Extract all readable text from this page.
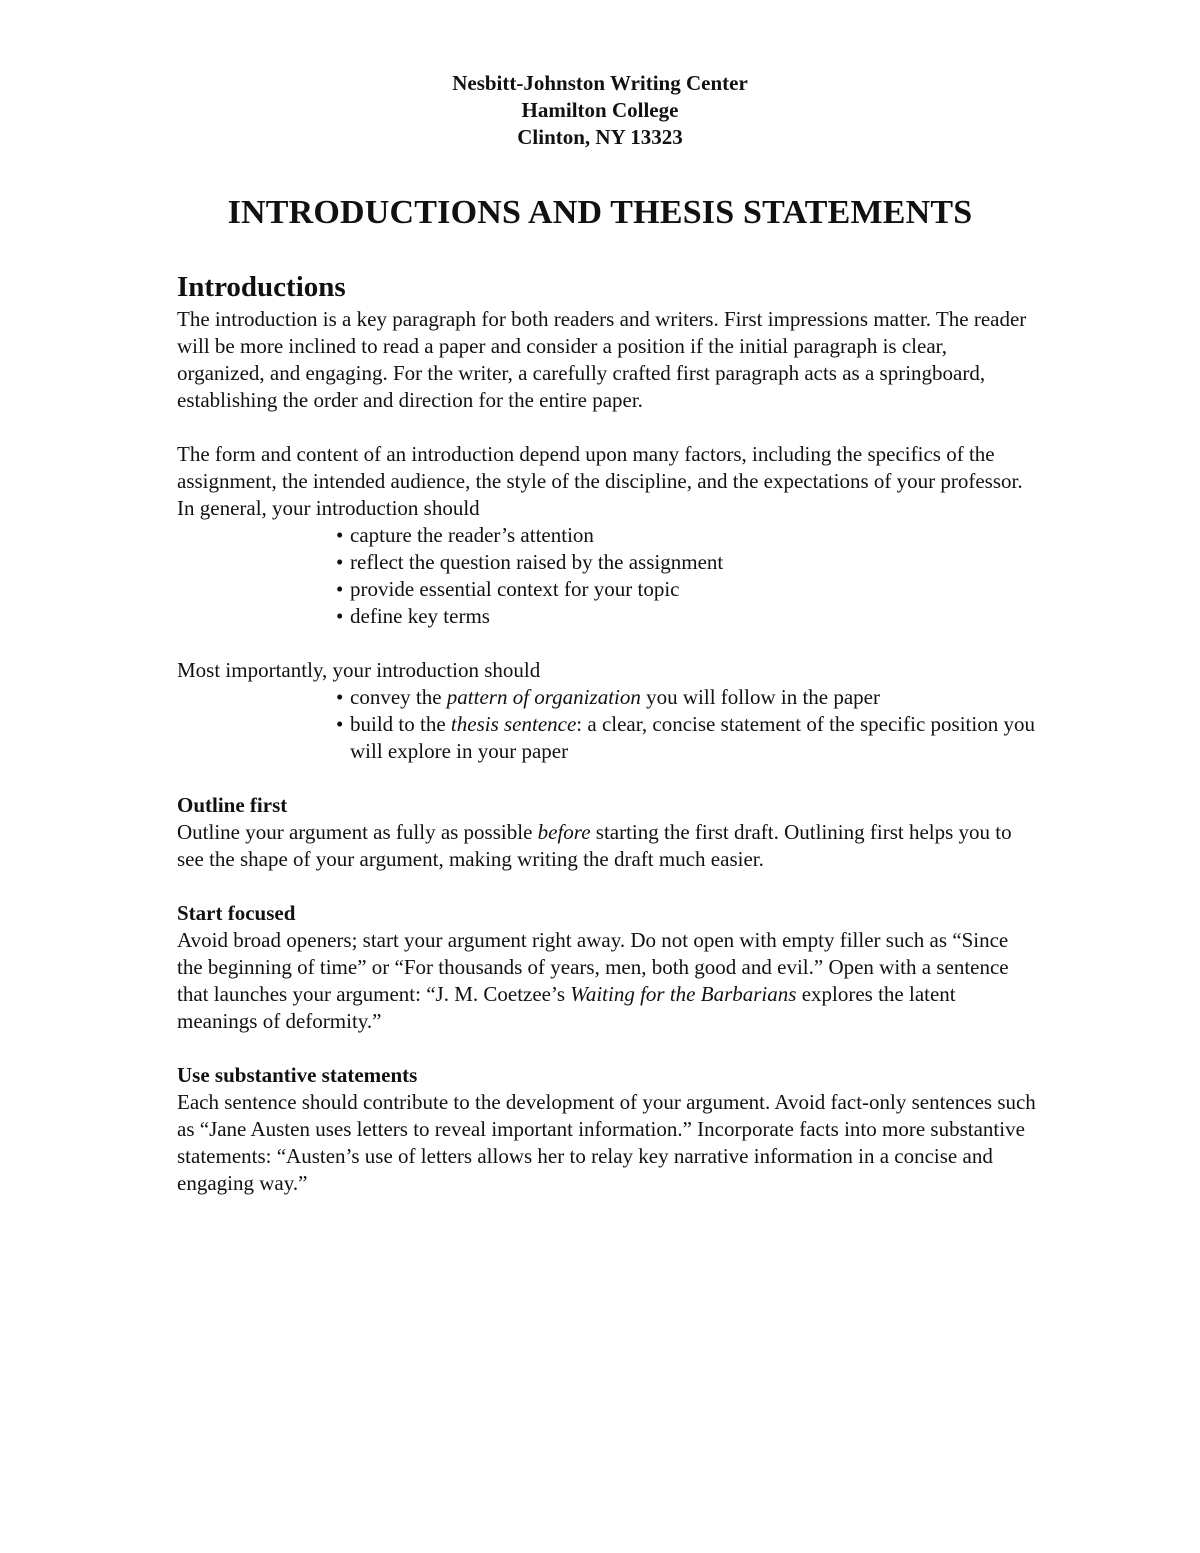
Nesbitt-Johnston Writing Center
Hamilton College
Clinton, NY 13323
INTRODUCTIONS AND THESIS STATEMENTS
Introductions

The introduction is a key paragraph for both readers and writers. First impressions matter. The reader will be more inclined to read a paper and consider a position if the initial paragraph is clear, organized, and engaging. For the writer, a carefully crafted first paragraph acts as a springboard, establishing the order and direction for the entire paper.

The form and content of an introduction depend upon many factors, including the specifics of the assignment, the intended audience, the style of the discipline, and the expectations of your professor. In general, your introduction should

• capture the reader’s attention
• reflect the question raised by the assignment
• provide essential context for your topic
• define key terms

Most importantly, your introduction should

• convey the pattern of organization you will follow in the paper
• build to the thesis sentence: a clear, concise statement of the specific position you will explore in your paper

Outline first

Outline your argument as fully as possible before starting the first draft. Outlining first helps you to see the shape of your argument, making writing the draft much easier.

Start focused

Avoid broad openers; start your argument right away. Do not open with empty filler such as “Since the beginning of time” or “For thousands of years, men, both good and evil.” Open with a sentence that launches your argument: “J. M. Coetzee’s Waiting for the Barbarians explores the latent meanings of deformity.”

Use substantive statements

Each sentence should contribute to the development of your argument. Avoid fact-only sentences such as “Jane Austen uses letters to reveal important information.” Incorporate facts into more substantive statements: “Austen’s use of letters allows her to relay key narrative information in a concise and engaging way.”
